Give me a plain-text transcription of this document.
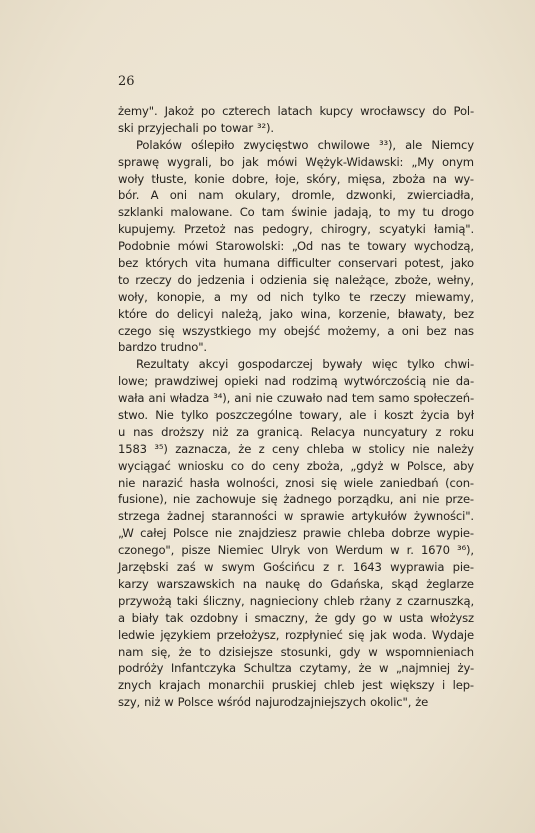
26
żemy". Jakoż po czterech latach kupcy wrocławscy do Pol-
ski przyjechali po towar ³²).
Polaków oślepiło zwycięstwo chwilowe ³³), ale Niemcy
sprawę wygrali, bo jak mówi Wężyk-Widawski: „My onym
woły tłuste, konie dobre, łoje, skóry, mięsa, zboża na wy-
bór. A oni nam okulary, dromle, dzwonki, zwierciadła,
szklanki malowane. Co tam świnie jadają, to my tu drogo
kupujemy. Przetoż nas pedogry, chirogry, scyatyki łamią".
Podobnie mówi Starowolski: „Od nas te towary wychodzą,
bez których vita humana difficulter conservari potest, jako
to rzeczy do jedzenia i odzienia się należące, zboże, wełny,
woły, konopie, a my od nich tylko te rzeczy miewamy,
które do delicyi należą, jako wina, korzenie, bławaty, bez
czego się wszystkiego my obejść możemy, a oni bez nas
bardzo trudno".
Rezultaty akcyi gospodarczej bywały więc tylko chwi-
lowe; prawdziwej opieki nad rodzimą wytwórczością nie da-
wała ani władza ³⁴), ani nie czuwało nad tem samo społeczeń-
stwo. Nie tylko poszczególne towary, ale i koszt życia był
u nas droższy niż za granicą. Relacya nuncyatury z roku
1583 ³⁵) zaznacza, że z ceny chleba w stolicy nie należy
wyciągać wniosku co do ceny zboża, „gdyż w Polsce, aby
nie narazić hasła wolności, znosi się wiele zaniedbań (con-
fusione), nie zachowuje się żadnego porządku, ani nie prze-
strzega żadnej staranności w sprawie artykułów żywności".
„W całej Polsce nie znajdziesz prawie chleba dobrze wypie-
czonego", pisze Niemiec Ulryk von Werdum w r. 1670 ³⁶),
Jarzębski zaś w swym Gościńcu z r. 1643 wyprawia pie-
karzy warszawskich na naukę do Gdańska, skąd żeglarze
przywożą taki śliczny, nagnieciony chleb rżany z czarnuszką,
a biały tak ozdobny i smaczny, że gdy go w usta włożysz
ledwie językiem przełożysz, rozpłynieć się jak woda. Wydaje
nam się, że to dzisiejsze stosunki, gdy w wspomnieniach
podróży Infantczyka Schultza czytamy, że w „najmniej ży-
znych krajach monarchii pruskiej chleb jest większy i lep-
szy, niż w Polsce wśród najurodzajniejszych okolic", że
